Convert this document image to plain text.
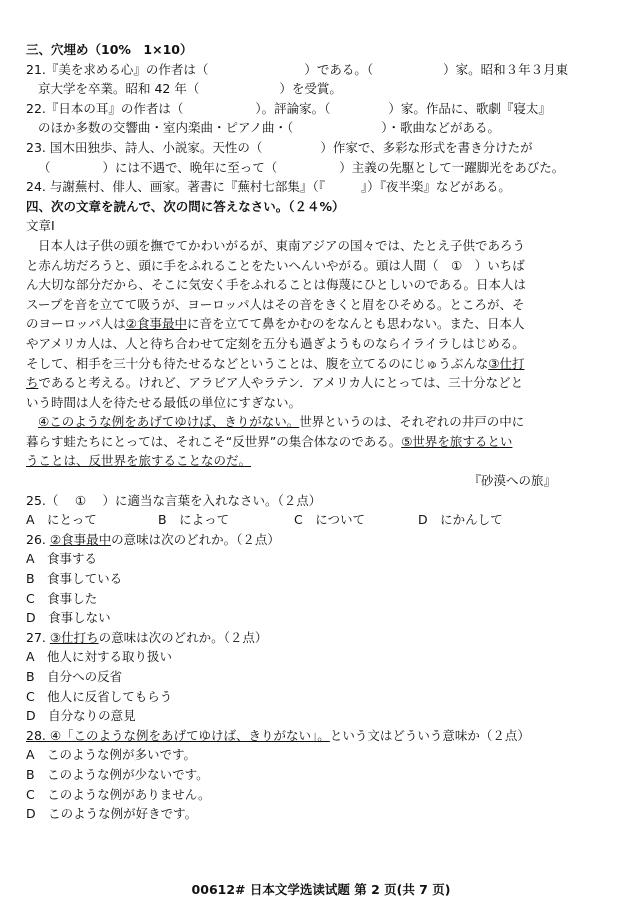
三、穴埋め（10%　1×10）
21.『美を求める心』の作者は（	）である。（	）家。昭和３年３月東
京大学を卒業。昭和 42 年（	）を受賞。
22.『日本の耳』の作者は（	）。評論家。（	）家。作品に、歌劇『寝太』
のほか多数の交響曲・室内楽曲・ピアノ曲・（	）・歌曲などがある。
23. 国木田独歩、詩人、小説家。天性の（	）作家で、多彩な形式を書き分けたが
（	）には不遇で、晩年に至って（	）主義の先駆として一躍脚光をあびた。
24. 与謝蕪村、俳人、画家。著書に『蕪村七部集』（『	』）『夜半楽』などがある。
四、次の文章を読んで、次の問に答えなさい。（２４%）
文章Ⅰ
日本人は子供の頭を撫でてかわいがるが、東南アジアの国々では、たとえ子供であろう
と赤ん坊だろうと、頭に手をふれることをたいへんいやがる。頭は人間（　①　）いちば
ん大切な部分だから、そこに気安く手をふれることは侮蔑にひとしいのである。日本人は
スープを音を立てて吸うが、ヨーロッパ人はその音をきくと眉をひそめる。ところが、そ
のヨーロッパ人は②食事最中に音を立てて鼻をかむのをなんとも思わない。また、日本人
やアメリカ人は、人と待ち合わせて定刻を五分も過ぎようものならイライラしはじめる。
そして、相手を三十分も待たせるなどということは、腹を立てるのにじゅうぶんな③仕打
ちであると考える。けれど、アラビア人やラテン．アメリカ人にとっては、三十分などと
いう時間は人を待たせる最低の単位にすぎない。
④このような例をあげてゆけば、きりがない。世界というのは、それぞれの井戸の中に
暮らす蛙たちにとっては、それこそ“反世界”の集合体なのである。⑤世界を旅するとい
うことは、反世界を旅することなのだ。
『砂漠への旅』
25.（　 ①　 ）に適当な言葉を入れなさい。（２点）
A　にとって	B　によって	C　について	D　にかんして
26. ②食事最中の意味は次のどれか。（２点）
A　食事する
B　食事している
C　食事した
D　食事しない
27. ③仕打ちの意味は次のどれか。（２点）
A　他人に対する取り扱い
B　自分への反省
C　他人に反省してもらう
D　自分なりの意見
28. ④「このような例をあげてゆけば、きりがない」。という文はどういう意味か（２点）
A　このような例が多いです。
B　このような例が少ないです。
C　このような例がありません。
D　このような例が好きです。
00612# 日本文学选读试题 第 2 页(共 7 页)
